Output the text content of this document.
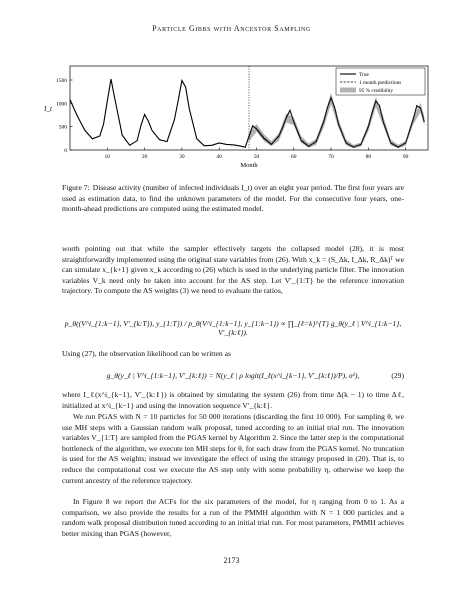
Particle Gibbs with Ancestor Sampling
10	20	30	40	50	60	70	80	90
0
500
1000
1500
Month
I_t
True
1 month predictions
95 % credibility
Figure 7: Disease activity (number of infected individuals I_t) over an eight year period. The first four years are used as estimation data, to find the unknown parameters of the model. For the consecutive four years, one-month-ahead predictions are computed using the estimated model.

worth pointing out that while the sampler effectively targets the collapsed model (28), it is most straightforwardly implemented using the original state variables from (26). With x_k = (S_Δk, I_Δk, R_Δk)ᵀ we can simulate x_{k+1} given x_k according to (26) which is used in the underlying particle filter. The innovation variables V_k need only be taken into account for the AS step. Let V′_{1:T} be the reference innovation trajectory. To compute the AS weights (3) we need to evaluate the ratios,

p_θ((V^i_{1:k−1}, V′_{k:T}), y_{1:T}) / p_θ(V^i_{1:k−1}, y_{1:k−1}) ∝ ∏_{ℓ=k}^{T} g_θ(y_ℓ | V^i_{1:k−1}, V′_{k:ℓ}).

Using (27), the observation likelihood can be written as

g_θ(y_ℓ | V^i_{1:k−1}, V′_{k:ℓ}) = N(y_ℓ | ρ logit(I_ℓ(x^i_{k−1}, V′_{k:ℓ})/P), σ²),	(29)

where I_ℓ(x^i_{k−1}, V′_{k:ℓ}) is obtained by simulating the system (26) from time Δ(k − 1) to time Δℓ, initialized at x^i_{k−1} and using the innovation sequence V′_{k:ℓ}.

We run PGAS with N = 10 particles for 50 000 iterations (discarding the first 10 000). For sampling θ, we use MH steps with a Gaussian random walk proposal, tuned according to an initial trial run. The innovation variables V_{1:T} are sampled from the PGAS kernel by Algorithm 2. Since the latter step is the computational bottleneck of the algorithm, we execute ten MH steps for θ, for each draw from the PGAS kernel. No truncation is used for the AS weights; instead we investigate the effect of using the strategy proposed in (20). That is, to reduce the computational cost we execute the AS step only with some probability η, otherwise we keep the current ancestry of the reference trajectory.

In Figure 8 we report the ACFs for the six parameters of the model, for η ranging from 0 to 1. As a comparison, we also provide the results for a run of the PMMH algorithm with N = 1 000 particles and a random walk proposal distribution tuned according to an initial trial run. For most parameters, PMMH achieves better mixing than PGAS (however,

2173
